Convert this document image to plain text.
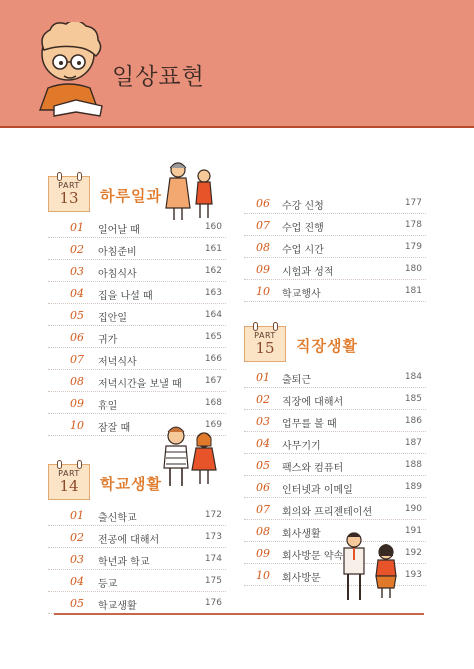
일상표현
PART
13	하루일과
01 일어날 때	160
02 아침준비	161
03 아침식사	162
04 집을 나설 때	163
05 집안일	164
06 귀가	165
07 저녁식사	166
08 저녁시간을 보낼 때	167
09 휴일	168
10 잠잘 때	169
PART
14	학교생활
01 출신학교	172
02 전공에 대해서	173
03 학년과 학교	174
04 등교	175
05 학교생활	176
06 수강 신청	177
07 수업 진행	178
08 수업 시간	179
09 시험과 성적	180
10 학교행사	181
PART
15	직장생활
01 출퇴근	184
02 직장에 대해서	185
03 업무를 볼 때	186
04 사무기기	187
05 팩스와 컴퓨터	188
06 인터넷과 이메일	189
07 회의와 프리젠테이션	190
08 회사생활	191
09 회사방문 약속	192
10 회사방문	193
